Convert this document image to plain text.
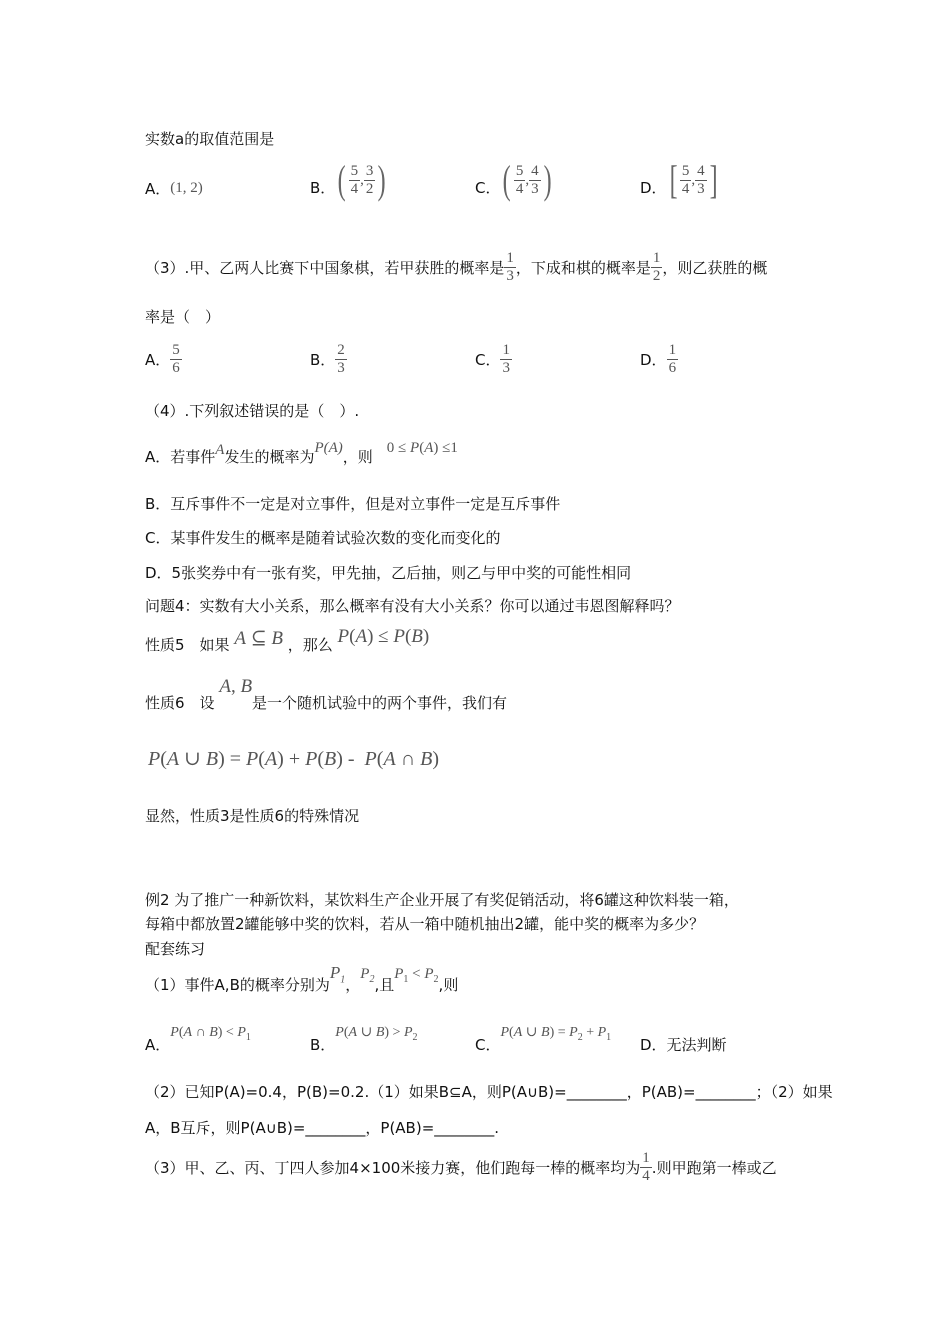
实数a的取值范围是
A． (1, 2)	B． ( $\frac{5}{4}$ , $\frac{3}{2}$ )	C． ( $\frac{5}{4}$ , $\frac{4}{3}$ )	D． [ $\frac{5}{4}$ , $\frac{4}{3}$ ]
（3）.甲、乙两人比赛下中国象棋，若甲获胜的概率是 $\frac{1}{3}$ ，下成和棋的概率是 $\frac{1}{2}$ ，则乙获胜的概
率是（　）
A． $\frac{5}{6}$	B． $\frac{2}{3}$	C． $\frac{1}{3}$	D． $\frac{1}{6}$
（4）.下列叙述错误的是（　）.
A．若事件A发生的概率为P(A)，则 0 ≤ P(A) ≤1
B．互斥事件不一定是对立事件，但是对立事件一定是互斥事件
C．某事件发生的概率是随着试验次数的变化而变化的
D．5张奖券中有一张有奖，甲先抽，乙后抽，则乙与甲中奖的可能性相同
问题4：实数有大小关系，那么概率有没有大小关系？你可以通过韦恩图解释吗？
性质5　如果 A ⊆ B ，那么 P(A) ≤ P(B)
性质6　设 A, B是一个随机试验中的两个事件，我们有
P(A ∪ B) = P(A) + P(B) -  P(A ∩ B)
显然，性质3是性质6的特殊情况
例2 为了推广一种新饮料，某饮料生产企业开展了有奖促销活动，将6罐这种饮料装一箱，
每箱中都放置2罐能够中奖的饮料，若从一箱中随机抽出2罐，能中奖的概率为多少？
配套练习
（1）事件A,B的概率分别为$P_1$，$P_2$,且$P_1 < P_2$,则
A．P(A ∩ $B) < P_1$	B．P(A ∪ $B) > P_2$	C．P(A ∪ $B) = P_2 + P_1$ D．无法判断
（2）已知P(A)=0.4，P(B)=0.2.（1）如果B⊆A，则P(A∪B)=________，P(AB)=________；（2）如果
A，B互斥，则P(A∪B)=________，P(AB)=________.
（3）甲、乙、丙、丁四人参加4×100米接力赛，他们跑每一棒的概率均为 $\frac{1}{4}$ .则甲跑第一棒或乙
